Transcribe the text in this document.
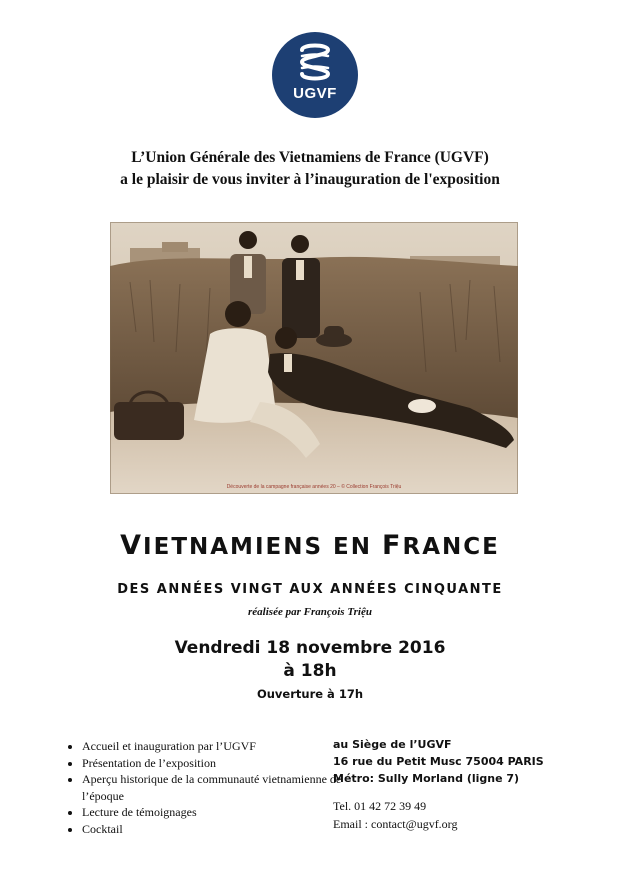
UGVF
L’Union Générale des Vietnamiens de France (UGVF)
a le plaisir de vous inviter à l’inauguration de l'exposition
Découverte de la campagne française années 20 – © Collection François Triệu
VIETNAMIENS EN FRANCE
DES ANNÉES VINGT AUX ANNÉES CINQUANTE
réalisée par François Triệu
Vendredi 18 novembre 2016
à 18h
Ouverture à 17h
• Accueil et inauguration par l’UGVF
• Présentation de l’exposition
• Aperçu historique de la communauté vietnamienne de l’époque
• Lecture de témoignages
• Cocktail
au Siège de l’UGVF
16 rue du Petit Musc 75004 PARIS
Métro: Sully Morland (ligne 7)
Tel. 01 42 72 39 49
Email : contact@ugvf.org
